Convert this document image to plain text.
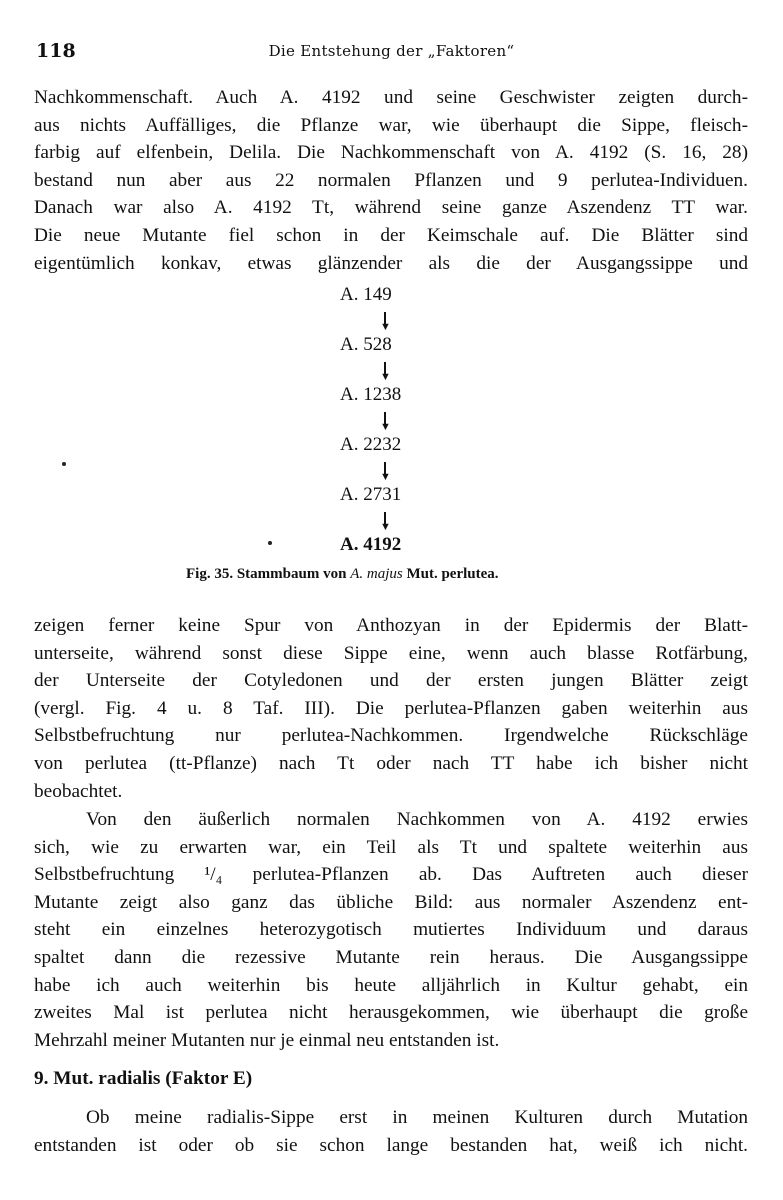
118	Die Entstehung der „Faktoren“
Nachkommenschaft. Auch A. 4192 und seine Geschwister zeigten durch-
aus nichts Auffälliges, die Pflanze war, wie überhaupt die Sippe, fleisch-
farbig auf elfenbein, Delila. Die Nachkommenschaft von A. 4192 (S. 16, 28)
bestand nun aber aus 22 normalen Pflanzen und 9 perlutea-Individuen.
Danach war also A. 4192 Tt, während seine ganze Aszendenz TT war.
Die neue Mutante fiel schon in der Keimschale auf. Die Blätter sind
eigentümlich konkav, etwas glänzender als die der Ausgangssippe und
A. 149
▼
A. 528
▼
A. 1238
▼
A. 2232
▼
A. 2731
▼
A. 4192
Fig. 35. Stammbaum von A. majus Mut. perlutea.
zeigen ferner keine Spur von Anthozyan in der Epidermis der Blatt-
unterseite, während sonst diese Sippe eine, wenn auch blasse Rotfärbung,
der Unterseite der Cotyledonen und der ersten jungen Blätter zeigt
(vergl. Fig. 4 u. 8 Taf. III). Die perlutea-Pflanzen gaben weiterhin aus
Selbstbefruchtung nur perlutea-Nachkommen. Irgendwelche Rückschläge
von perlutea (tt-Pflanze) nach Tt oder nach TT habe ich bisher nicht
beobachtet.
Von den äußerlich normalen Nachkommen von A. 4192 erwies
sich, wie zu erwarten war, ein Teil als Tt und spaltete weiterhin aus
Selbstbefruchtung ¹/₄ perlutea-Pflanzen ab. Das Auftreten auch dieser
Mutante zeigt also ganz das übliche Bild: aus normaler Aszendenz ent-
steht ein einzelnes heterozygotisch mutiertes Individuum und daraus
spaltet dann die rezessive Mutante rein heraus. Die Ausgangssippe
habe ich auch weiterhin bis heute alljährlich in Kultur gehabt, ein
zweites Mal ist perlutea nicht herausgekommen, wie überhaupt die große
Mehrzahl meiner Mutanten nur je einmal neu entstanden ist.
9. Mut. radialis (Faktor E)
Ob meine radialis-Sippe erst in meinen Kulturen durch Mutation
entstanden ist oder ob sie schon lange bestanden hat, weiß ich nicht.
